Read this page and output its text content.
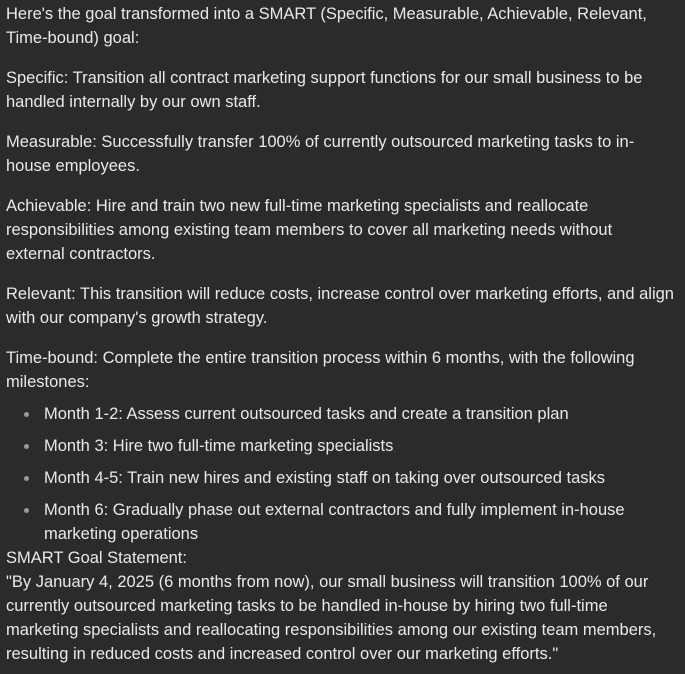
Here's the goal transformed into a SMART (Specific, Measurable, Achievable, Relevant, Time-bound) goal:

Specific: Transition all contract marketing support functions for our small business to be handled internally by our own staff.

Measurable: Successfully transfer 100% of currently outsourced marketing tasks to in-house employees.

Achievable: Hire and train two new full-time marketing specialists and reallocate responsibilities among existing team members to cover all marketing needs without external contractors.

Relevant: This transition will reduce costs, increase control over marketing efforts, and align with our company's growth strategy.

Time-bound: Complete the entire transition process within 6 months, with the following milestones:

Month 1-2: Assess current outsourced tasks and create a transition plan
Month 3: Hire two full-time marketing specialists
Month 4-5: Train new hires and existing staff on taking over outsourced tasks
Month 6: Gradually phase out external contractors and fully implement in-house marketing operations

SMART Goal Statement:

"By January 4, 2025 (6 months from now), our small business will transition 100% of our currently outsourced marketing tasks to be handled in-house by hiring two full-time marketing specialists and reallocating responsibilities among our existing team members, resulting in reduced costs and increased control over our marketing efforts."
